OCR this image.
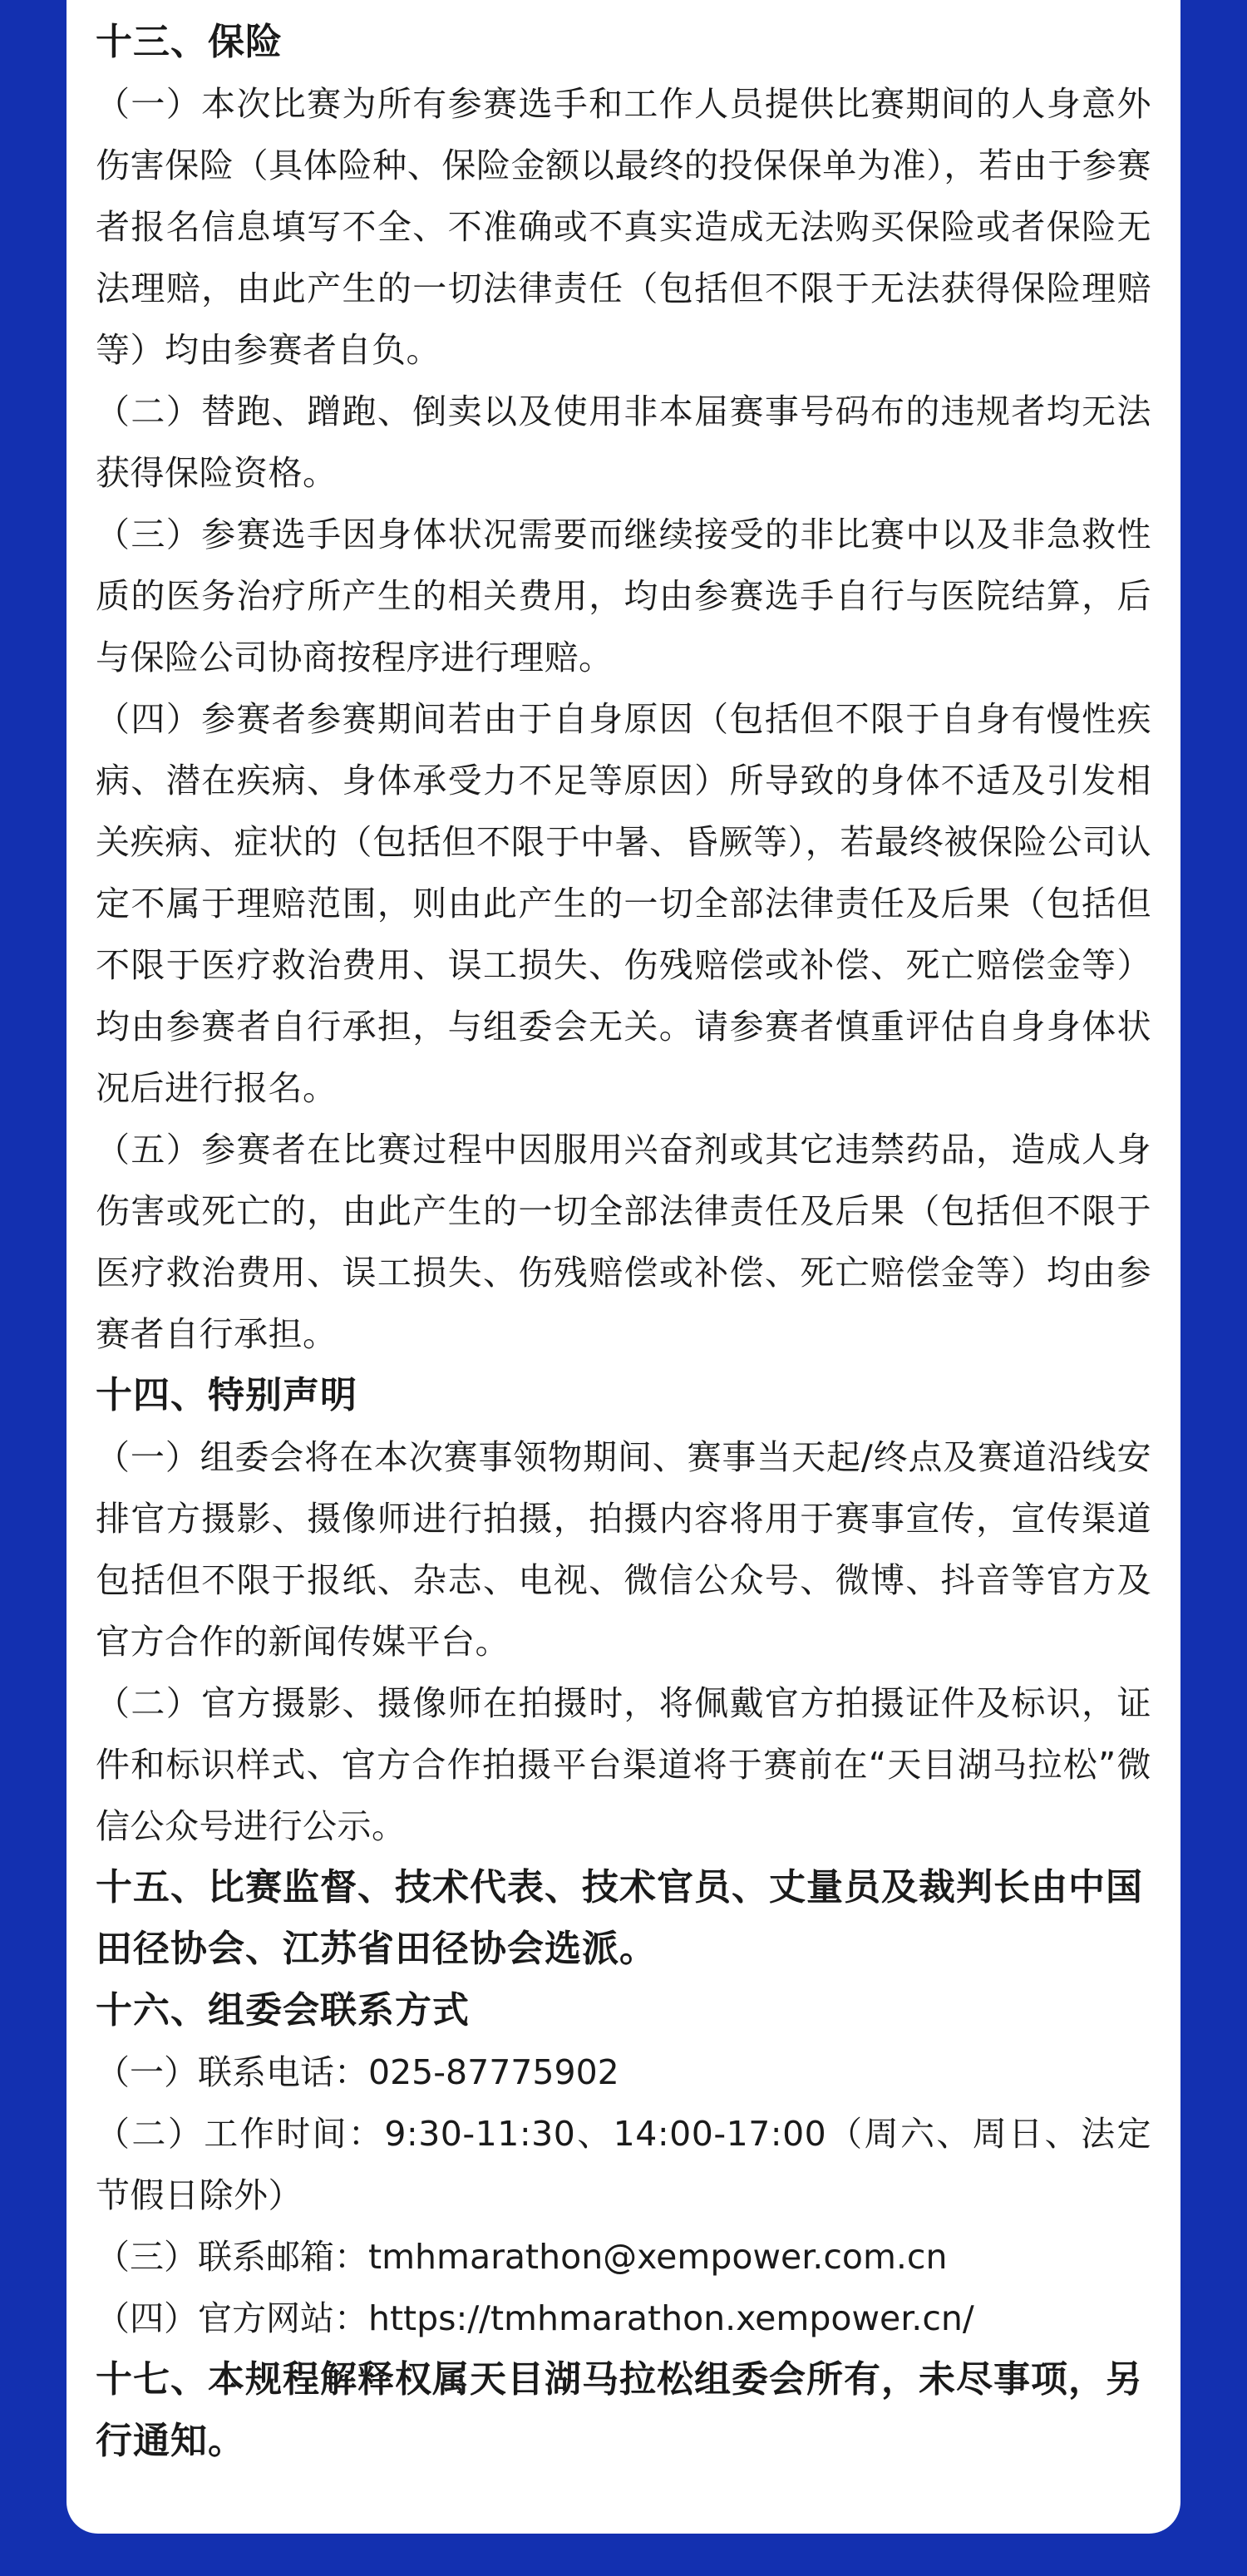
十三、保险

（一）本次比赛为所有参赛选手和工作人员提供比赛期间的人身意外伤害保险（具体险种、保险金额以最终的投保保单为准），若由于参赛者报名信息填写不全、不准确或不真实造成无法购买保险或者保险无法理赔，由此产生的一切法律责任（包括但不限于无法获得保险理赔等）均由参赛者自负。

（二）替跑、蹭跑、倒卖以及使用非本届赛事号码布的违规者均无法获得保险资格。

（三）参赛选手因身体状况需要而继续接受的非比赛中以及非急救性质的医务治疗所产生的相关费用，均由参赛选手自行与医院结算，后与保险公司协商按程序进行理赔。

（四）参赛者参赛期间若由于自身原因（包括但不限于自身有慢性疾病、潜在疾病、身体承受力不足等原因）所导致的身体不适及引发相关疾病、症状的（包括但不限于中暑、昏厥等），若最终被保险公司认定不属于理赔范围，则由此产生的一切全部法律责任及后果（包括但不限于医疗救治费用、误工损失、伤残赔偿或补偿、死亡赔偿金等）均由参赛者自行承担，与组委会无关。请参赛者慎重评估自身身体状况后进行报名。

（五）参赛者在比赛过程中因服用兴奋剂或其它违禁药品，造成人身伤害或死亡的，由此产生的一切全部法律责任及后果（包括但不限于医疗救治费用、误工损失、伤残赔偿或补偿、死亡赔偿金等）均由参赛者自行承担。

十四、特别声明

（一）组委会将在本次赛事领物期间、赛事当天起/终点及赛道沿线安排官方摄影、摄像师进行拍摄，拍摄内容将用于赛事宣传，宣传渠道包括但不限于报纸、杂志、电视、微信公众号、微博、抖音等官方及官方合作的新闻传媒平台。

（二）官方摄影、摄像师在拍摄时，将佩戴官方拍摄证件及标识，证件和标识样式、官方合作拍摄平台渠道将于赛前在“天目湖马拉松”微信公众号进行公示。

十五、比赛监督、技术代表、技术官员、丈量员及裁判长由中国田径协会、江苏省田径协会选派。

十六、组委会联系方式

（一）联系电话：025-87775902

（二）工作时间：9:30-11:30、14:00-17:00（周六、周日、法定节假日除外）

（三）联系邮箱：tmhmarathon@xempower.com.cn

（四）官方网站：https://tmhmarathon.xempower.cn/

十七、本规程解释权属天目湖马拉松组委会所有，未尽事项，另行通知。
